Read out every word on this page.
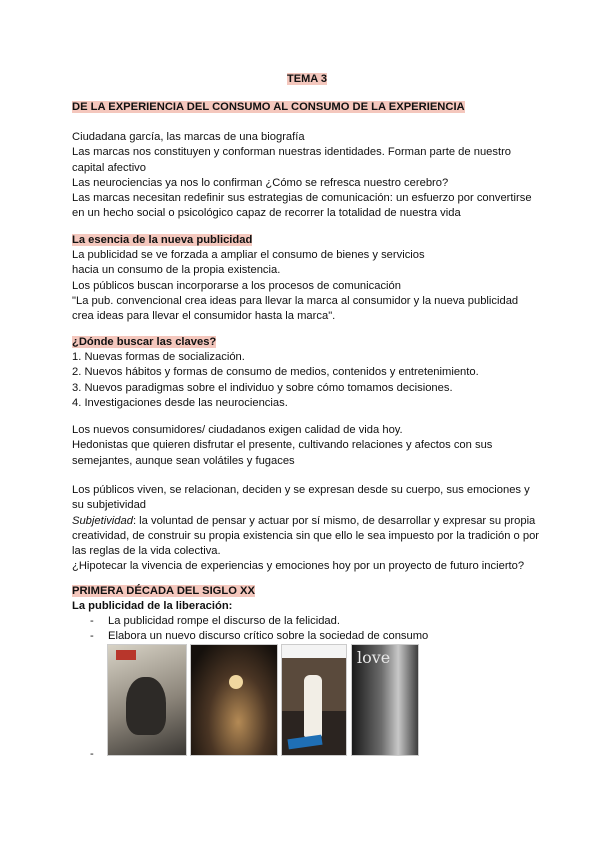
TEMA 3
DE LA EXPERIENCIA DEL CONSUMO AL CONSUMO DE LA EXPERIENCIA

Ciudadana garcía, las marcas de una biografía

Las marcas nos constituyen y conforman nuestras identidades. Forman parte de nuestro capital afectivo

Las neurociencias ya nos lo confirman ¿Cómo se refresca nuestro cerebro?

Las marcas necesitan redefinir sus estrategias de comunicación: un esfuerzo por convertirse en un hecho social o psicológico capaz de recorrer la totalidad de nuestra vida

La esencia de la nueva publicidad

La publicidad se ve forzada a ampliar el consumo de bienes y servicios

hacia un consumo de la propia existencia.

Los públicos buscan incorporarse a los procesos de comunicación

"La pub. convencional crea ideas para llevar la marca al consumidor y la nueva publicidad crea ideas para llevar el consumidor hasta la marca".

¿Dónde buscar las claves?

1. Nuevas formas de socialización.

2. Nuevos hábitos y formas de consumo de medios, contenidos y entretenimiento.

3. Nuevos paradigmas sobre el individuo y sobre cómo tomamos decisiones.

4. Investigaciones desde las neurociencias.

Los nuevos consumidores/ ciudadanos exigen calidad de vida hoy.

Hedonistas que quieren disfrutar el presente, cultivando relaciones y afectos con sus semejantes, aunque sean volátiles y fugaces

Los públicos viven, se relacionan, deciden y se expresan desde su cuerpo, sus emociones y su subjetividad

Subjetividad: la voluntad de pensar y actuar por sí mismo, de desarrollar y expresar su propia creatividad, de construir su propia existencia sin que ello le sea impuesto por la tradición o por las reglas de la vida colectiva.

¿Hipotecar la vivencia de experiencias y emociones hoy por un proyecto de futuro incierto?

PRIMERA DÉCADA DEL SIGLO XX
La publicidad de la liberación:
- La publicidad rompe el discurso de la felicidad.
- Elabora un nuevo discurso crítico sobre la sociedad de consumo
love
-
